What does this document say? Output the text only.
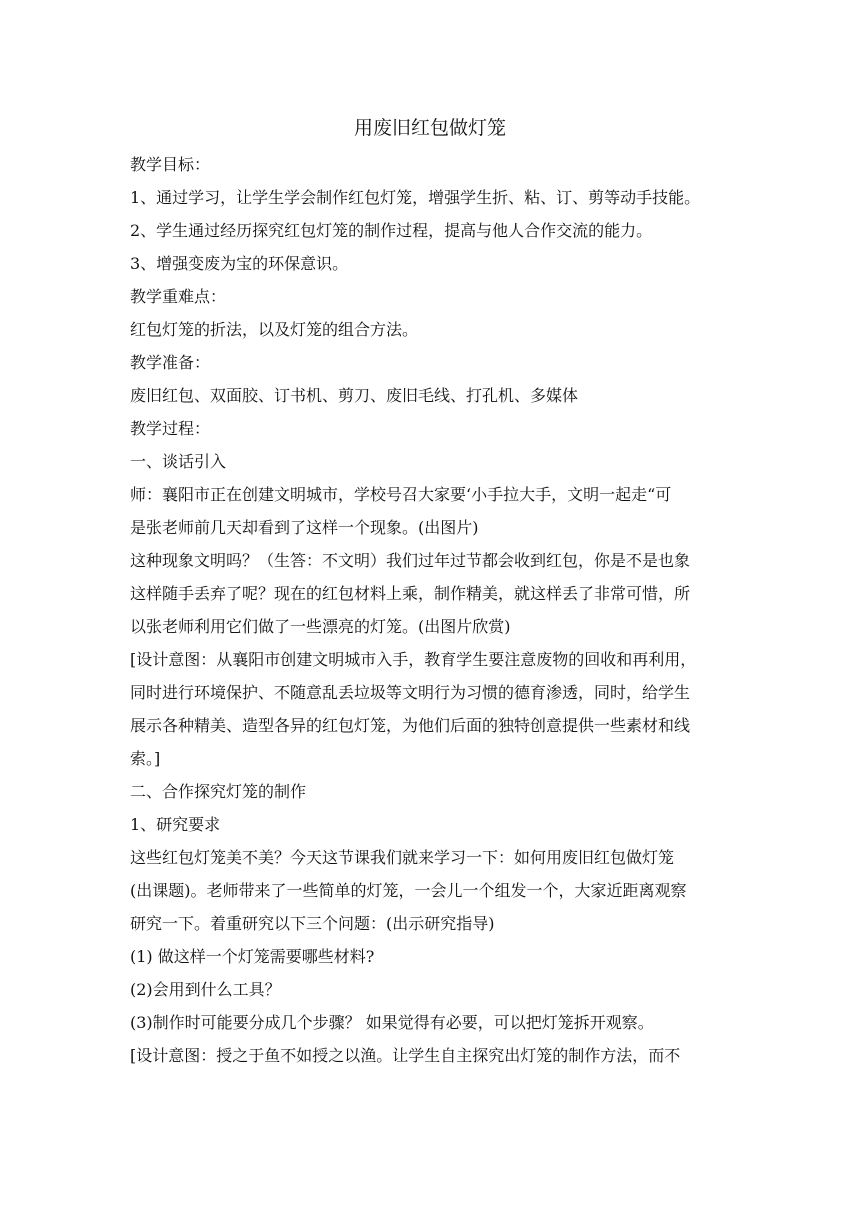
用废旧红包做灯笼

教学目标：

1、通过学习，让学生学会制作红包灯笼，增强学生折、粘、订、剪等动手技能。

2、学生通过经历探究红包灯笼的制作过程，提高与他人合作交流的能力。

3、增强变废为宝的环保意识。

教学重难点：

红包灯笼的折法，以及灯笼的组合方法。

教学准备：

废旧红包、双面胶、订书机、剪刀、废旧毛线、打孔机、多媒体

教学过程：

一、谈话引入

师：襄阳市正在创建文明城市，学校号召大家要‘小手拉大手，文明一起走“可

是张老师前几天却看到了这样一个现象。(出图片)

这种现象文明吗？（生答：不文明）我们过年过节都会收到红包，你是不是也象

这样随手丢弃了呢？现在的红包材料上乘，制作精美，就这样丢了非常可惜，所

以张老师利用它们做了一些漂亮的灯笼。(出图片欣赏)

[设计意图：从襄阳市创建文明城市入手，教育学生要注意废物的回收和再利用，

同时进行环境保护、不随意乱丢垃圾等文明行为习惯的德育渗透，同时，给学生

展示各种精美、造型各异的红包灯笼，为他们后面的独特创意提供一些素材和线

索。]

二、合作探究灯笼的制作

1、研究要求

这些红包灯笼美不美？今天这节课我们就来学习一下：如何用废旧红包做灯笼

(出课题)。老师带来了一些简单的灯笼，一会儿一个组发一个，大家近距离观察

研究一下。着重研究以下三个问题：(出示研究指导)

(1) 做这样一个灯笼需要哪些材料?

(2)会用到什么工具？

(3)制作时可能要分成几个步骤？ 如果觉得有必要，可以把灯笼拆开观察。

[设计意图：授之于鱼不如授之以渔。让学生自主探究出灯笼的制作方法，而不
